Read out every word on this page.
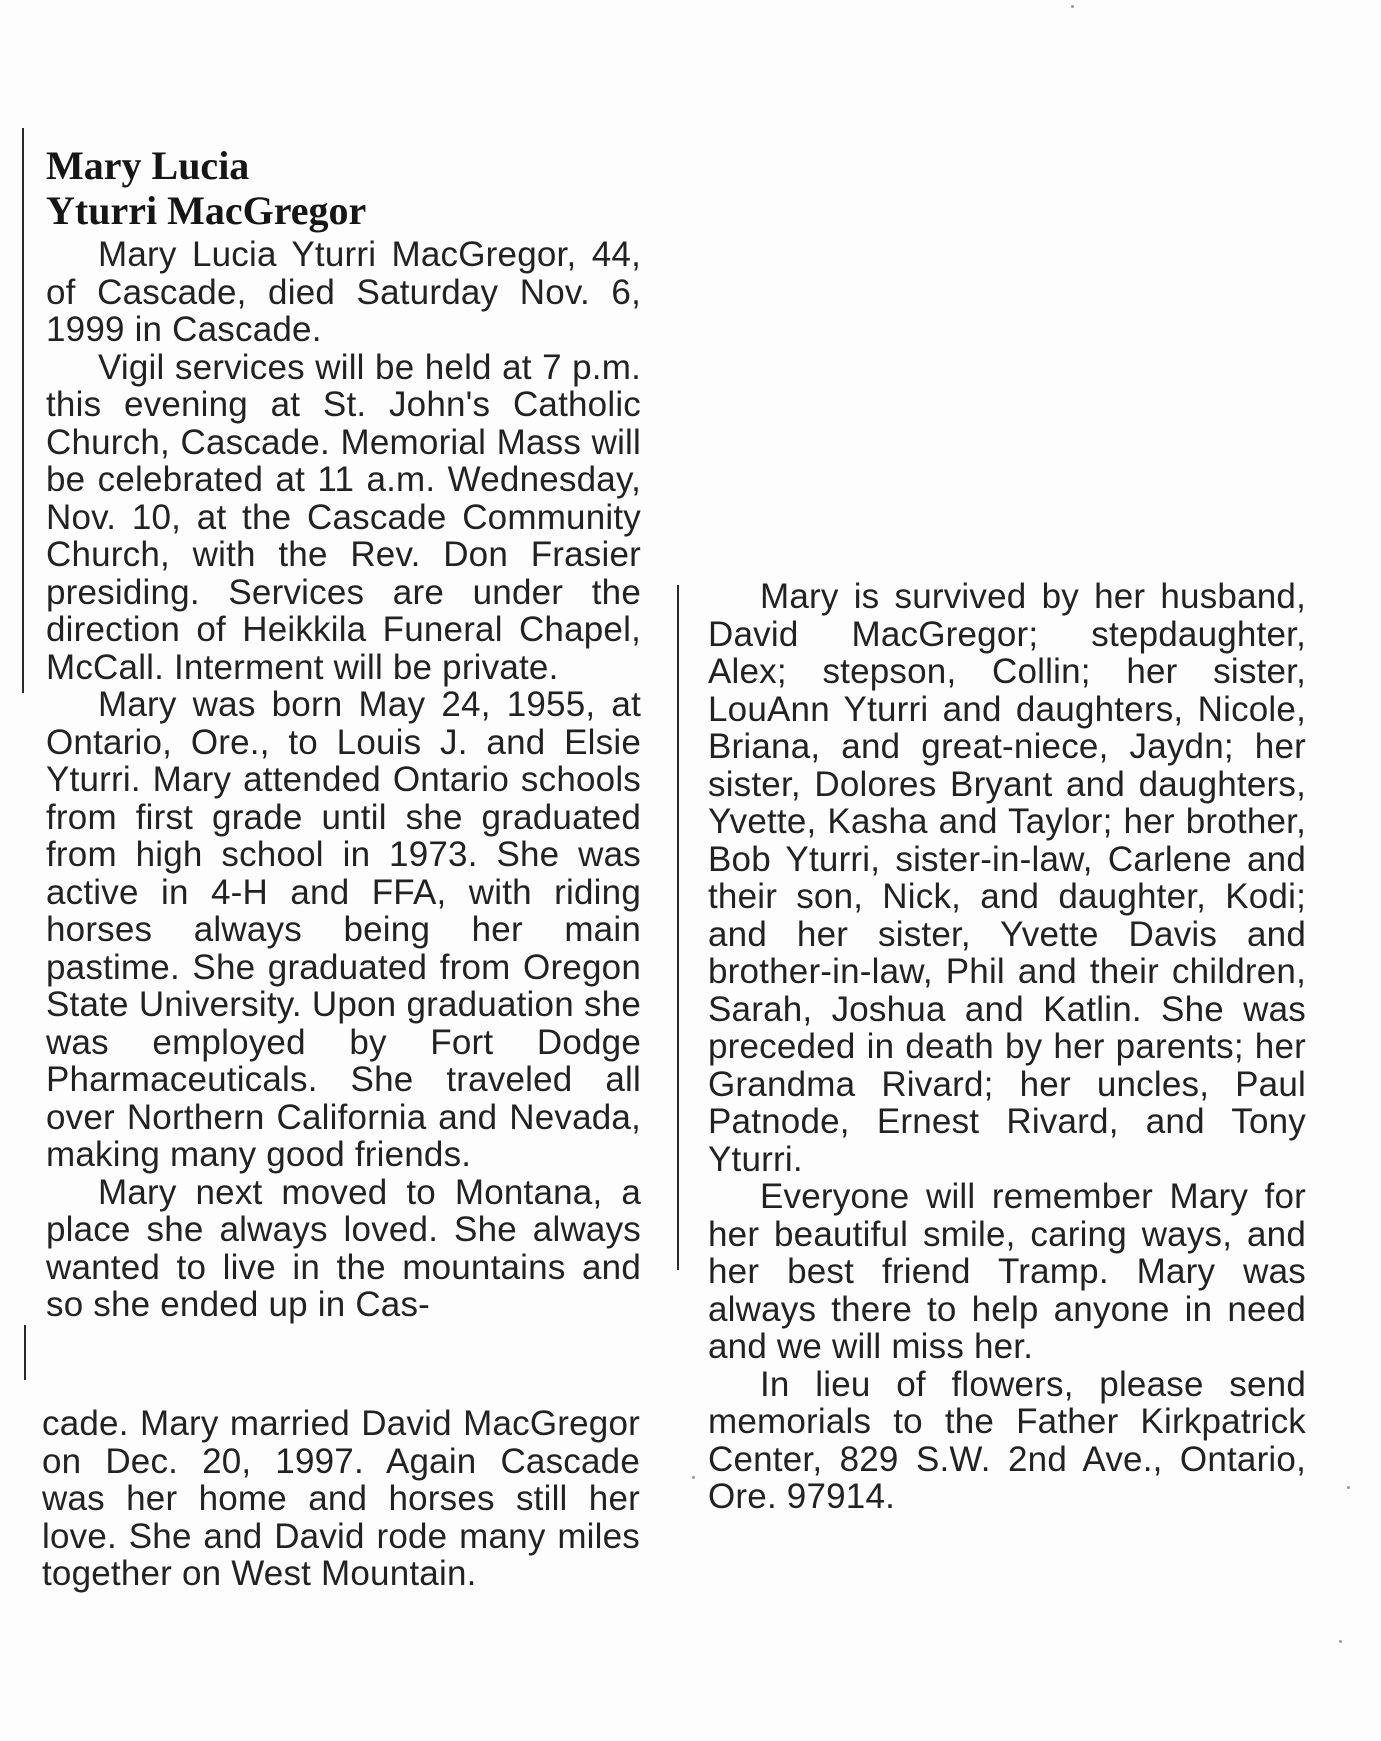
Mary Lucia
Yturri MacGregor

Mary Lucia Yturri MacGregor, 44, of Cascade, died Saturday Nov. 6, 1999 in Cascade.

Vigil services will be held at 7 p.m. this evening at St. John's Catholic Church, Cascade. Memorial Mass will be celebrated at 11 a.m. Wednesday, Nov. 10, at the Cascade Community Church, with the Rev. Don Frasier presiding. Services are under the direction of Heikkila Funeral Chapel, McCall. Interment will be private.

Mary was born May 24, 1955, at Ontario, Ore., to Louis J. and Elsie Yturri. Mary attended Ontario schools from first grade until she graduated from high school in 1973. She was active in 4-H and FFA, with riding horses always being her main pastime. She graduated from Oregon State University. Upon graduation she was employed by Fort Dodge Pharmaceuticals. She traveled all over Northern California and Nevada, making many good friends.

Mary next moved to Montana, a place she always loved. She always wanted to live in the mountains and so she ended up in Cas-

cade. Mary married David MacGregor on Dec. 20, 1997. Again Cascade was her home and horses still her love. She and David rode many miles together on West Mountain.

Mary is survived by her husband, David MacGregor; stepdaughter, Alex; stepson, Collin; her sister, LouAnn Yturri and daughters, Nicole, Briana, and great-niece, Jaydn; her sister, Dolores Bryant and daughters, Yvette, Kasha and Taylor; her brother, Bob Yturri, sister-in-law, Carlene and their son, Nick, and daughter, Kodi; and her sister, Yvette Davis and brother-in-law, Phil and their children, Sarah, Joshua and Katlin. She was preceded in death by her parents; her Grandma Rivard; her uncles, Paul Patnode, Ernest Rivard, and Tony Yturri.

Everyone will remember Mary for her beautiful smile, caring ways, and her best friend Tramp. Mary was always there to help anyone in need and we will miss her.

In lieu of flowers, please send memorials to the Father Kirkpatrick Center, 829 S.W. 2nd Ave., Ontario, Ore. 97914.
